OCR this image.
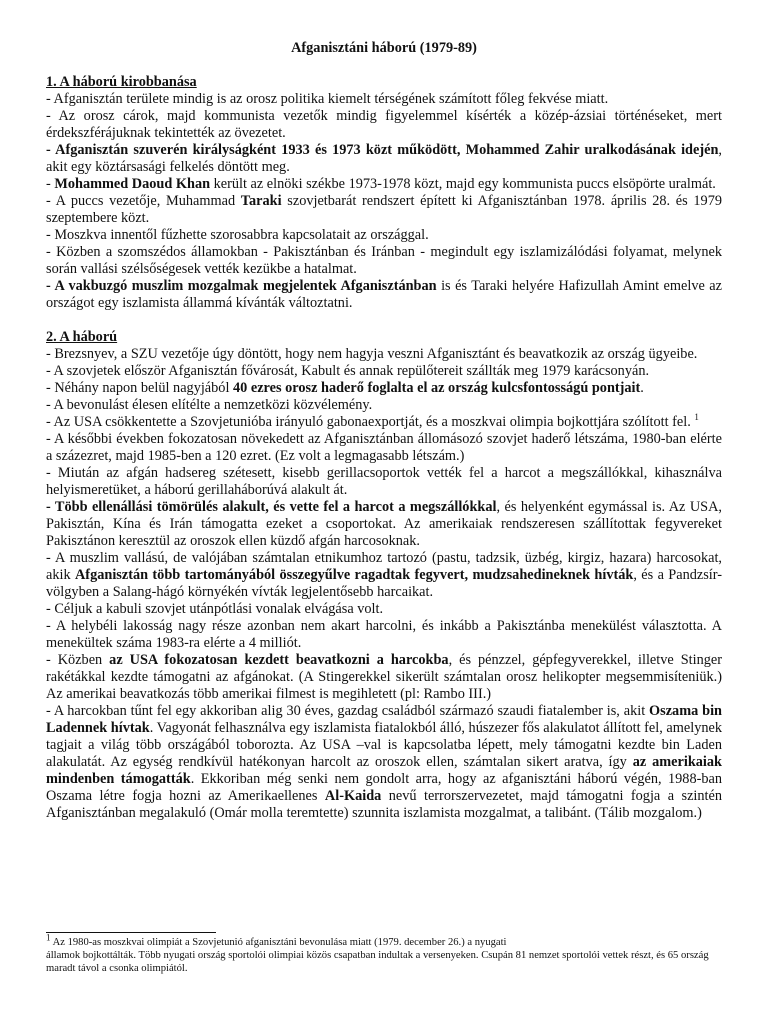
Afganisztáni háború (1979-89)
1. A háború kirobbanása

- Afganisztán területe mindig is az orosz politika kiemelt térségének számított főleg fekvése miatt.

- Az orosz cárok, majd kommunista vezetők mindig figyelemmel kísérték a közép-ázsiai történéseket, mert érdekszférájuknak tekintették az övezetet.

- Afganisztán szuverén királyságként 1933 és 1973 közt működött, Mohammed Zahir uralkodásának idején, akit egy köztársasági felkelés döntött meg.

- Mohammed Daoud Khan került az elnöki székbe 1973-1978 közt, majd egy kommunista puccs elsöpörte uralmát.

- A puccs vezetője, Muhammad Taraki szovjetbarát rendszert épített ki Afganisztánban 1978. április 28. és 1979 szeptembere közt.

- Moszkva innentől fűzhette szorosabbra kapcsolatait az országgal.

- Közben a szomszédos államokban - Pakisztánban és Iránban - megindult egy iszlamizálódási folyamat, melynek során vallási szélsőségesek vették kezükbe a hatalmat.

- A vakbuzgó muszlim mozgalmak megjelentek Afganisztánban is és Taraki helyére Hafizullah Amint emelve az országot egy iszlamista állammá kívánták változtatni.

2. A háború

- Brezsnyev, a SZU vezetője úgy döntött, hogy nem hagyja veszni Afganisztánt és beavatkozik az ország ügyeibe.

- A szovjetek először Afganisztán fővárosát, Kabult és annak repülőtereit szállták meg 1979 karácsonyán.

- Néhány napon belül nagyjából 40 ezres orosz haderő foglalta el az ország kulcsfontosságú pontjait.

- A bevonulást élesen elítélte a nemzetközi közvélemény.

- Az USA csökkentette a Szovjetunióba irányuló gabonaexportját, és a moszkvai olimpia bojkottjára szólított fel. $^1$

- A későbbi években fokozatosan növekedett az Afganisztánban állomásozó szovjet haderő létszáma, 1980-ban elérte a százezret, majd 1985-ben a 120 ezret. (Ez volt a legmagasabb létszám.)

- Miután az afgán hadsereg szétesett, kisebb gerillacsoportok vették fel a harcot a megszállókkal, kihasználva helyismeretüket, a háború gerillaháborúvá alakult át.

- Több ellenállási tömörülés alakult, és vette fel a harcot a megszállókkal, és helyenként egymással is. Az USA, Pakisztán, Kína és Irán támogatta ezeket a csoportokat. Az amerikaiak rendszeresen szállítottak fegyvereket Pakisztánon keresztül az oroszok ellen küzdő afgán harcosoknak.

- A muszlim vallású, de valójában számtalan etnikumhoz tartozó (pastu, tadzsik, üzbég, kirgiz, hazara) harcosokat, akik Afganisztán több tartományából összegyűlve ragadtak fegyvert, mudzsahedineknek hívták, és a Pandzsír-völgyben a Salang-hágó környékén vívták legjelentősebb harcaikat.

- Céljuk a kabuli szovjet utánpótlási vonalak elvágása volt.

- A helybéli lakosság nagy része azonban nem akart harcolni, és inkább a Pakisztánba menekülést választotta. A menekültek száma 1983-ra elérte a 4 milliót.

- Közben az USA fokozatosan kezdett beavatkozni a harcokba, és pénzzel, gépfegyverekkel, illetve Stinger rakétákkal kezdte támogatni az afgánokat. (A Stingerekkel sikerült számtalan orosz helikopter megsemmisíteniük.) Az amerikai beavatkozás több amerikai filmest is megihletett (pl: Rambo III.)

- A harcokban tűnt fel egy akkoriban alig 30 éves, gazdag családból származó szaudi fiatalember is, akit Oszama bin Ladennek hívtak. Vagyonát felhasználva egy iszlamista fiatalokból álló, húszezer fős alakulatot állított fel, amelynek tagjait a világ több országából toborozta. Az USA –val is kapcsolatba lépett, mely támogatni kezdte bin Laden alakulatát. Az egység rendkívül hatékonyan harcolt az oroszok ellen, számtalan sikert aratva, így az amerikaiak mindenben támogatták. Ekkoriban még senki nem gondolt arra, hogy az afganisztáni háború végén, 1988-ban Oszama létre fogja hozni az Amerikaellenes Al-Kaida nevű terrorszervezetet, majd támogatni fogja a szintén Afganisztánban megalakuló (Omár molla teremtette) szunnita iszlamista mozgalmat, a talibánt. (Tálib mozgalom.)

$^1$ Az 1980-as moszkvai olimpiát a Szovjetunió afganisztáni bevonulása miatt (1979. december 26.) a nyugati

államok bojkottálták. Több nyugati ország sportolói olimpiai közös csapatban indultak a versenyeken. Csupán 81 nemzet sportolói vettek részt, és 65 ország maradt távol a csonka olimpiától.
